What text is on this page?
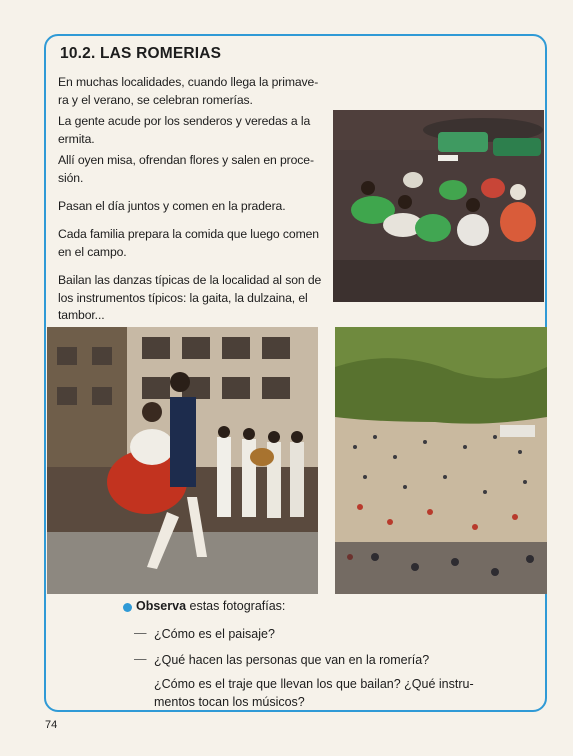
10.2. LAS ROMERIAS

En muchas localidades, cuando llega la primave-
ra y el verano, se celebran romerías.

La gente acude por los senderos y veredas a la
ermita.

Allí oyen misa, ofrendan flores y salen en proce-
sión.

Pasan el día juntos y comen en la pradera.

Cada familia prepara la comida que luego comen
en el campo.

Bailan las danzas típicas de la localidad al son de
los instrumentos típicos: la gaita, la dulzaina, el
tambor...

Observa estas fotografías:
— ¿Cómo es el paisaje?
— ¿Qué hacen las personas que van en la romería?
¿Cómo es el traje que llevan los que bailan? ¿Qué instru-
mentos tocan los músicos?
74
